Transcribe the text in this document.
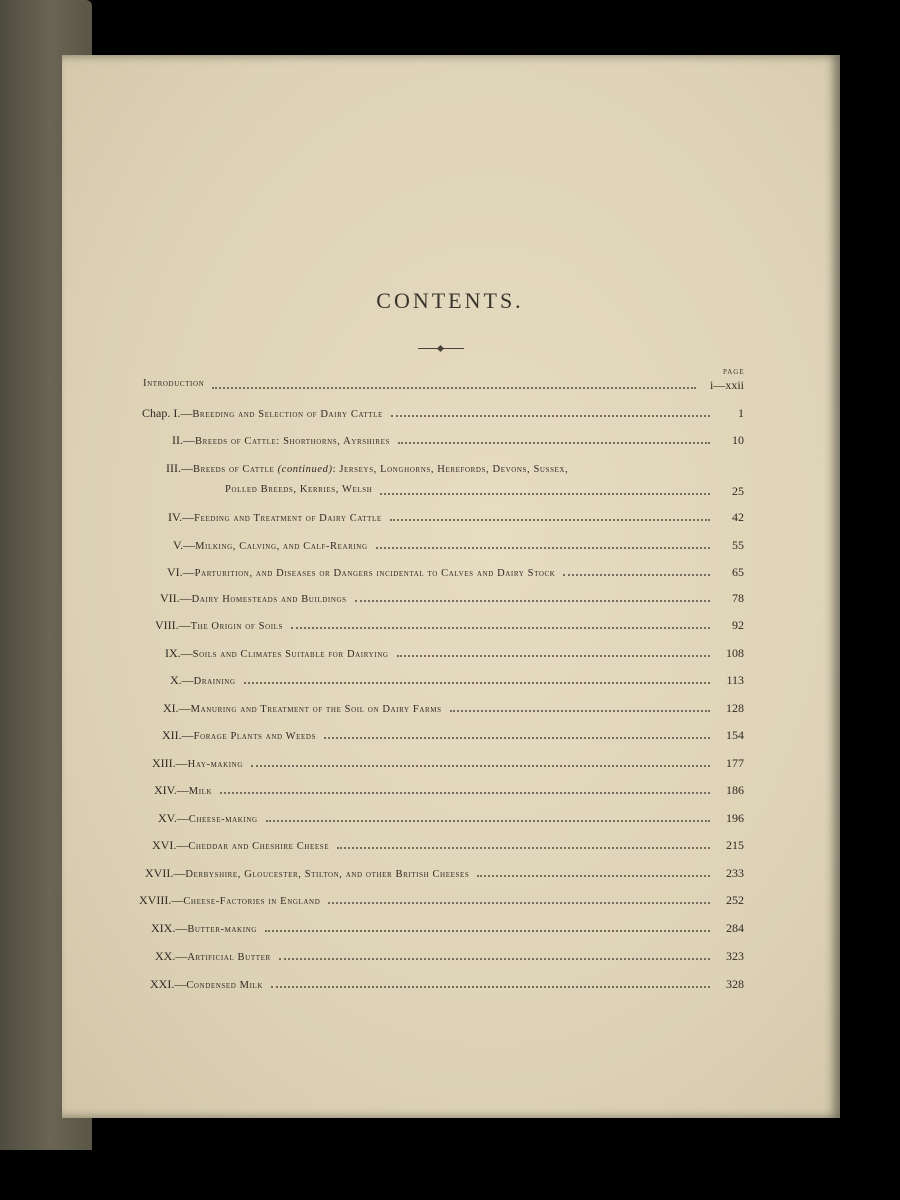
CONTENTS.
PAGE
Introduction	i—xxii
Chap. I.—Breeding and Selection of Dairy Cattle	1
II.—Breeds of Cattle: Shorthorns, Ayrshires	10
III.—Breeds of Cattle (continued): Jerseys, Longhorns, Herefords, Devons, Sussex,
Polled Breeds, Kerries, Welsh	25
IV.—Feeding and Treatment of Dairy Cattle	42
V.—Milking, Calving, and Calf-Rearing	55
VI.—Parturition, and Diseases or Dangers incidental to Calves and Dairy Stock	65
VII.—Dairy Homesteads and Buildings	78
VIII.—The Origin of Soils	92
IX.—Soils and Climates Suitable for Dairying	108
X.—Draining	113
XI.—Manuring and Treatment of the Soil on Dairy Farms	128
XII.—Forage Plants and Weeds	154
XIII.—Hay-making	177
XIV.—Milk	186
XV.—Cheese-making	196
XVI.—Cheddar and Cheshire Cheese	215
XVII.—Derbyshire, Gloucester, Stilton, and other British Cheeses	233
XVIII.—Cheese-Factories in England	252
XIX.—Butter-making	284
XX.—Artificial Butter	323
XXI.—Condensed Milk	328
